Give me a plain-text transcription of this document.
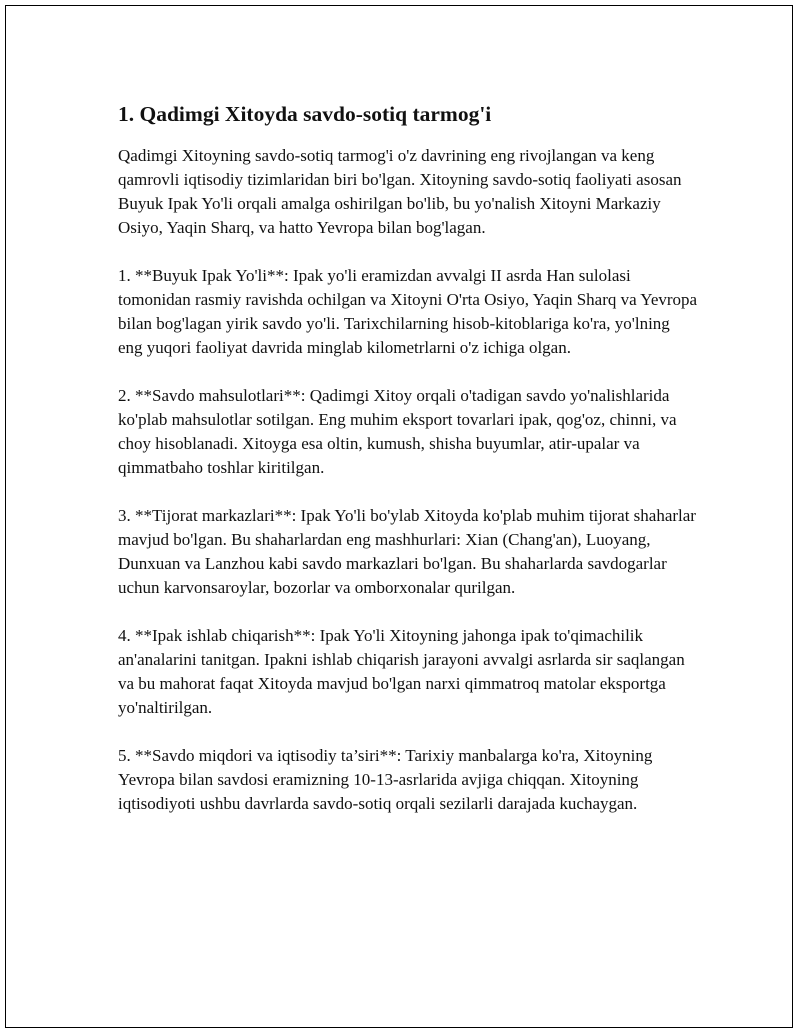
1. Qadimgi Xitoyda savdo-sotiq tarmog'i

Qadimgi Xitoyning savdo-sotiq tarmog'i o'z davrining eng rivojlangan va keng qamrovli iqtisodiy tizimlaridan biri bo'lgan. Xitoyning savdo-sotiq faoliyati asosan Buyuk Ipak Yo'li orqali amalga oshirilgan bo'lib, bu yo'nalish Xitoyni Markaziy Osiyo, Yaqin Sharq, va hatto Yevropa bilan bog'lagan.

1. **Buyuk Ipak Yo'li**: Ipak yo'li eramizdan avvalgi II asrda Han sulolasi tomonidan rasmiy ravishda ochilgan va Xitoyni O'rta Osiyo, Yaqin Sharq va Yevropa bilan bog'lagan yirik savdo yo'li. Tarixchilarning hisob-kitoblariga ko'ra, yo'lning eng yuqori faoliyat davrida minglab kilometrlarni o'z ichiga olgan.

2. **Savdo mahsulotlari**: Qadimgi Xitoy orqali o'tadigan savdo yo'nalishlarida ko'plab mahsulotlar sotilgan. Eng muhim eksport tovarlari ipak, qog'oz, chinni, va choy hisoblanadi. Xitoyga esa oltin, kumush, shisha buyumlar, atir-upalar va qimmatbaho toshlar kiritilgan.

3. **Tijorat markazlari**: Ipak Yo'li bo'ylab Xitoyda ko'plab muhim tijorat shaharlar mavjud bo'lgan. Bu shaharlardan eng mashhurlari: Xian (Chang'an), Luoyang, Dunxuan va Lanzhou kabi savdo markazlari bo'lgan. Bu shaharlarda savdogarlar uchun karvonsaroylar, bozorlar va omborxonalar qurilgan.

4. **Ipak ishlab chiqarish**: Ipak Yo'li Xitoyning jahonga ipak to'qimachilik an'analarini tanitgan. Ipakni ishlab chiqarish jarayoni avvalgi asrlarda sir saqlangan va bu mahorat faqat Xitoyda mavjud bo'lgan narxi qimmatroq matolar eksportga yo'naltirilgan.

5. **Savdo miqdori va iqtisodiy ta’siri**: Tarixiy manbalarga ko'ra, Xitoyning Yevropa bilan savdosi eramizning 10-13-asrlarida avjiga chiqqan. Xitoyning iqtisodiyoti ushbu davrlarda savdo-sotiq orqali sezilarli darajada kuchaygan.
